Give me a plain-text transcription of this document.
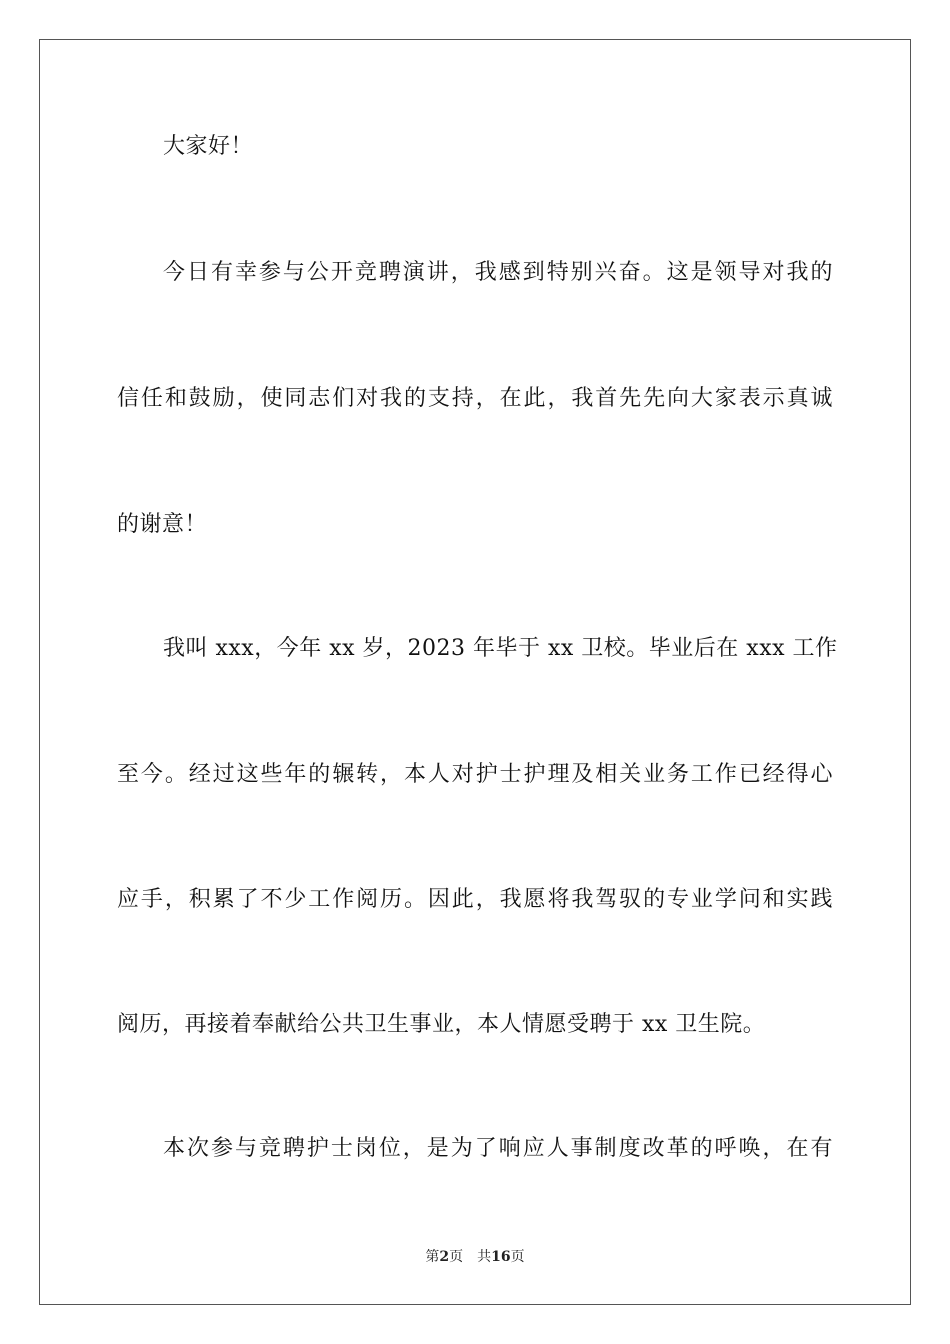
大家好！

今日有幸参与公开竞聘演讲，我感到特别兴奋。这是领导对我的

信任和鼓励，使同志们对我的支持，在此，我首先先向大家表示真诚

的谢意！

我叫 xxx，今年 xx 岁，2023 年毕于 xx 卫校。毕业后在 xxx 工作

至今。经过这些年的辗转，本人对护士护理及相关业务工作已经得心

应手，积累了不少工作阅历。因此，我愿将我驾驭的专业学问和实践

阅历，再接着奉献给公共卫生事业，本人情愿受聘于 xx 卫生院。

本次参与竞聘护士岗位，是为了响应人事制度改革的呼唤，在有

第2页 共16页
